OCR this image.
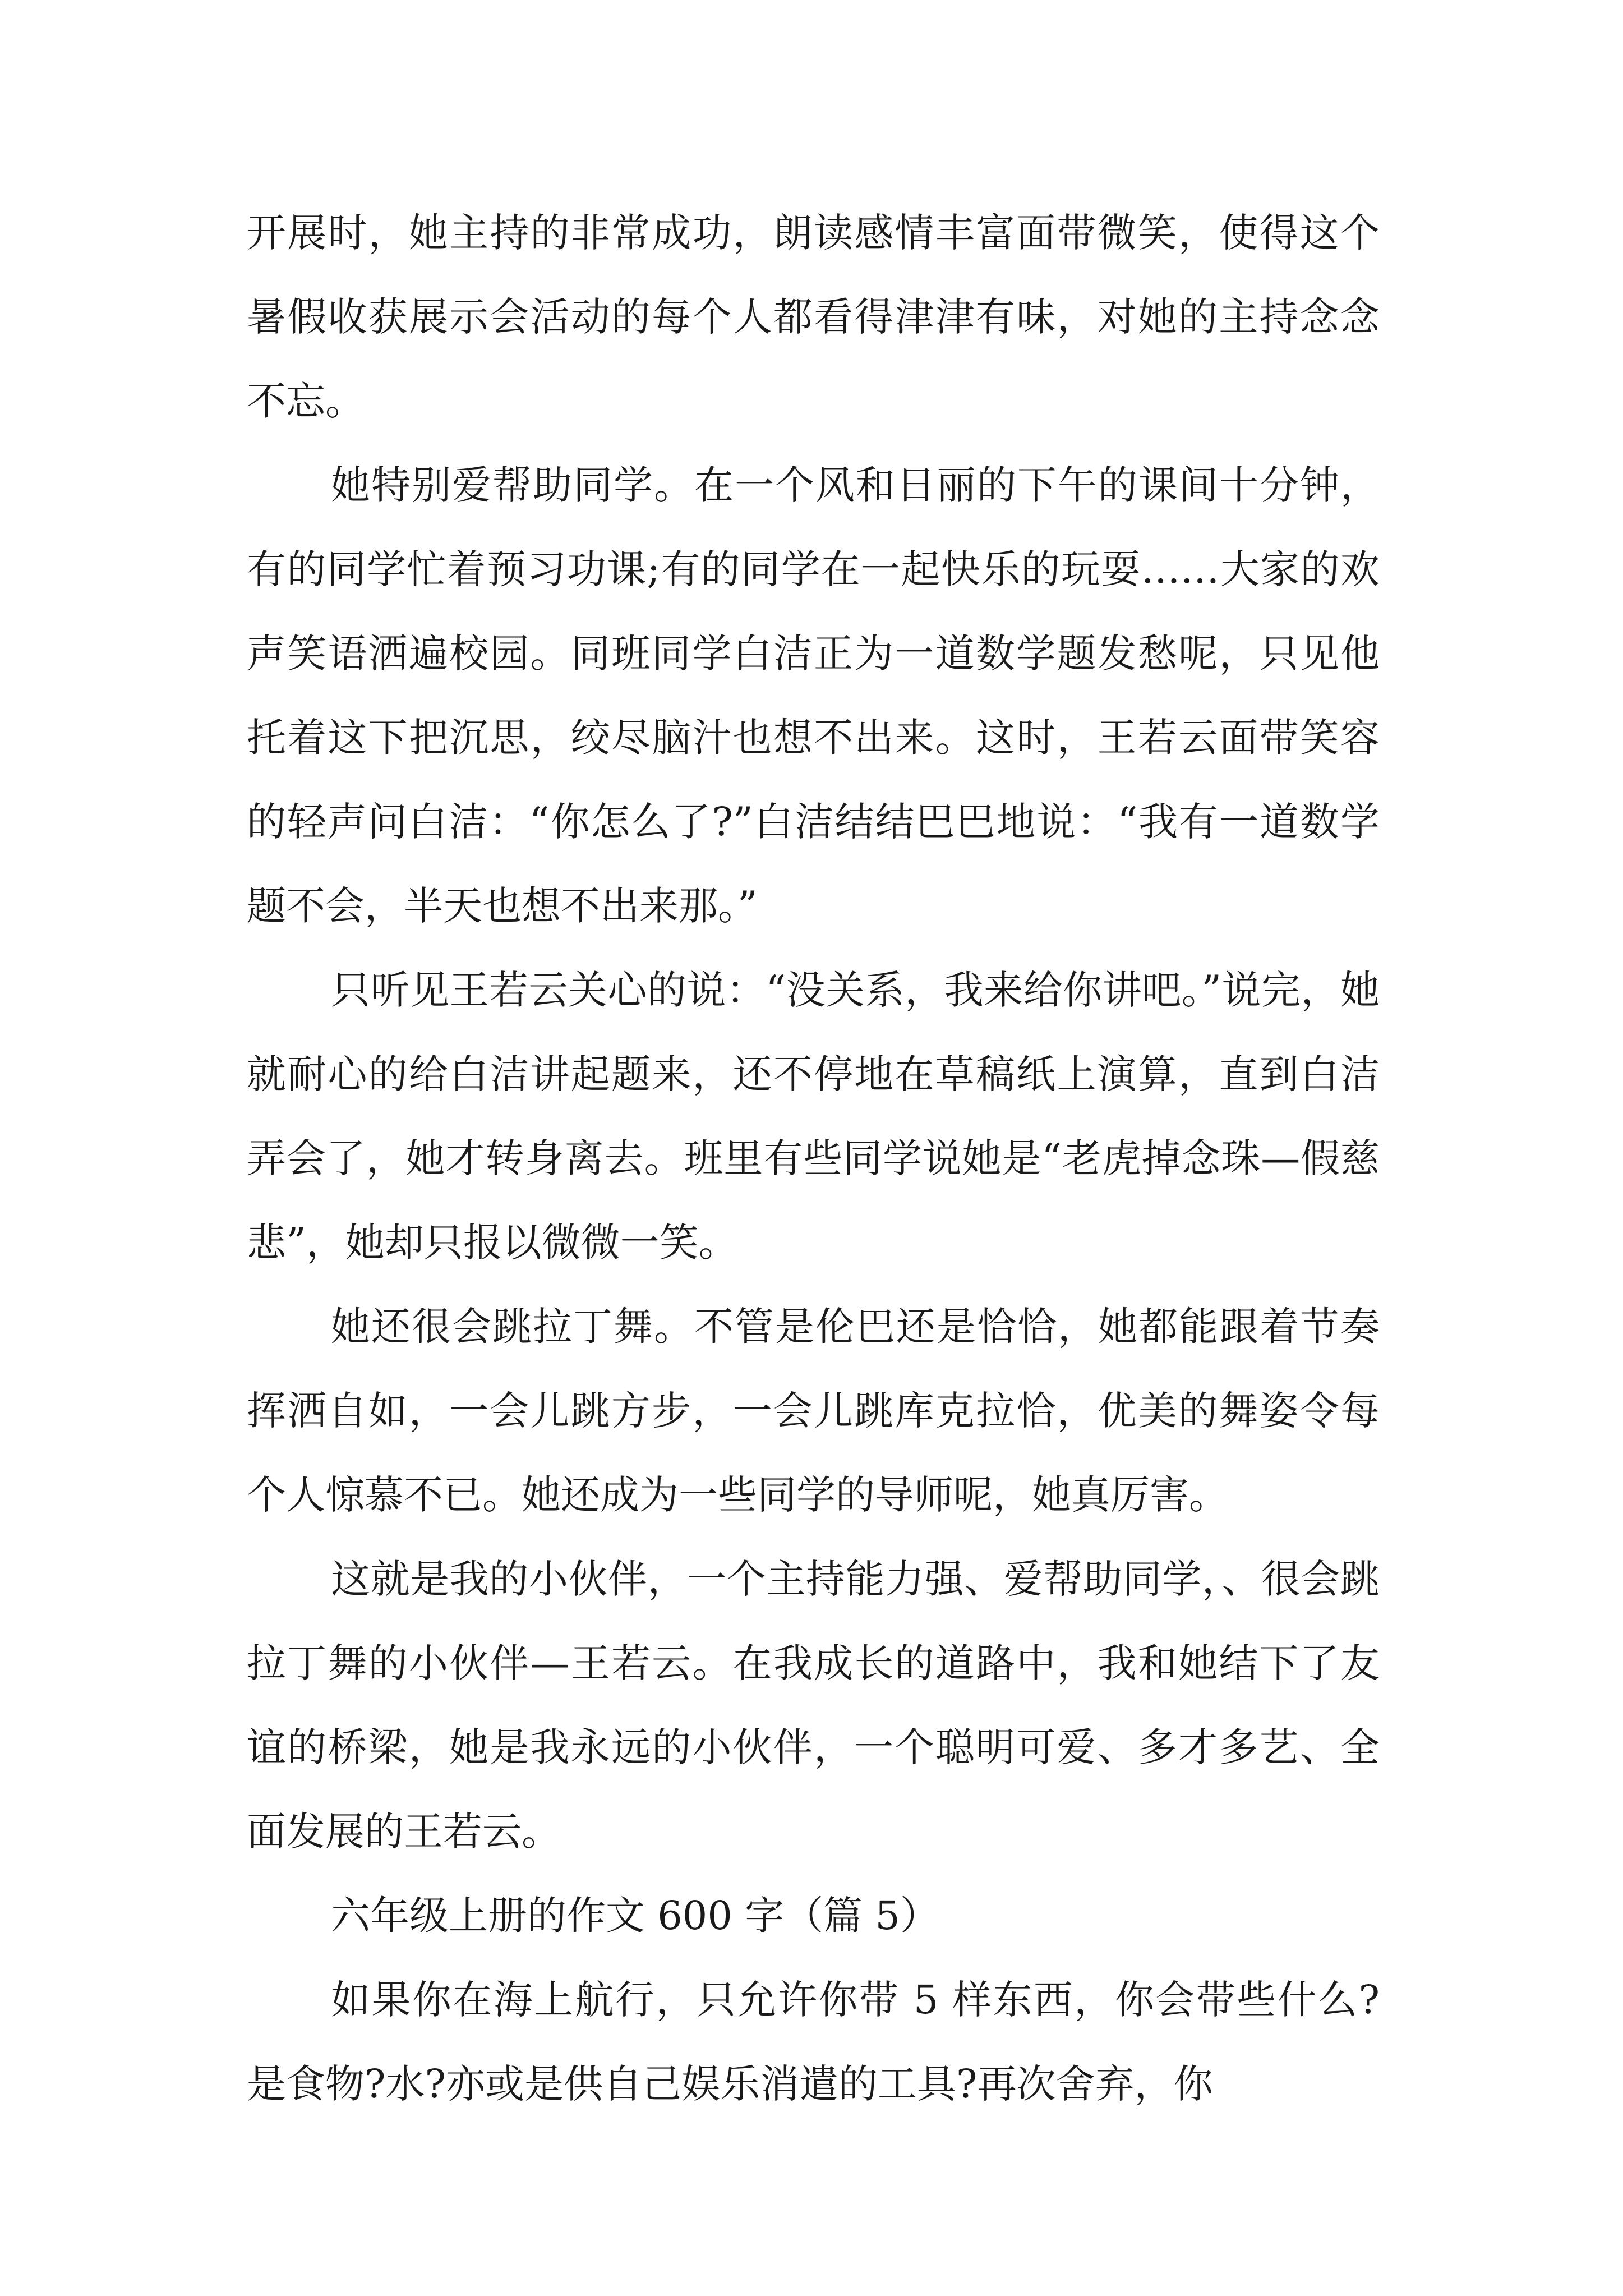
开展时，她主持的非常成功，朗读感情丰富面带微笑，使得这个暑假收获展示会活动的每个人都看得津津有味，对她的主持念念不忘。

她特别爱帮助同学。在一个风和日丽的下午的课间十分钟，有的同学忙着预习功课;有的同学在一起快乐的玩耍……大家的欢声笑语洒遍校园。同班同学白洁正为一道数学题发愁呢，只见他托着这下把沉思，绞尽脑汁也想不出来。这时，王若云面带笑容的轻声问白洁：“你怎么了?”白洁结结巴巴地说：“我有一道数学题不会，半天也想不出来那。”

只听见王若云关心的说：“没关系，我来给你讲吧。”说完，她就耐心的给白洁讲起题来，还不停地在草稿纸上演算，直到白洁弄会了，她才转身离去。班里有些同学说她是“老虎掉念珠—假慈悲”，她却只报以微微一笑。

她还很会跳拉丁舞。不管是伦巴还是恰恰，她都能跟着节奏挥洒自如，一会儿跳方步，一会儿跳库克拉恰，优美的舞姿令每个人惊慕不已。她还成为一些同学的导师呢，她真厉害。

这就是我的小伙伴，一个主持能力强、爱帮助同学，、很会跳拉丁舞的小伙伴—王若云。在我成长的道路中，我和她结下了友谊的桥梁，她是我永远的小伙伴，一个聪明可爱、多才多艺、全面发展的王若云。

六年级上册的作文 600 字（篇 5）

如果你在海上航行，只允许你带 5 样东西，你会带些什么?是食物?水?亦或是供自己娱乐消遣的工具?再次舍弃，你
